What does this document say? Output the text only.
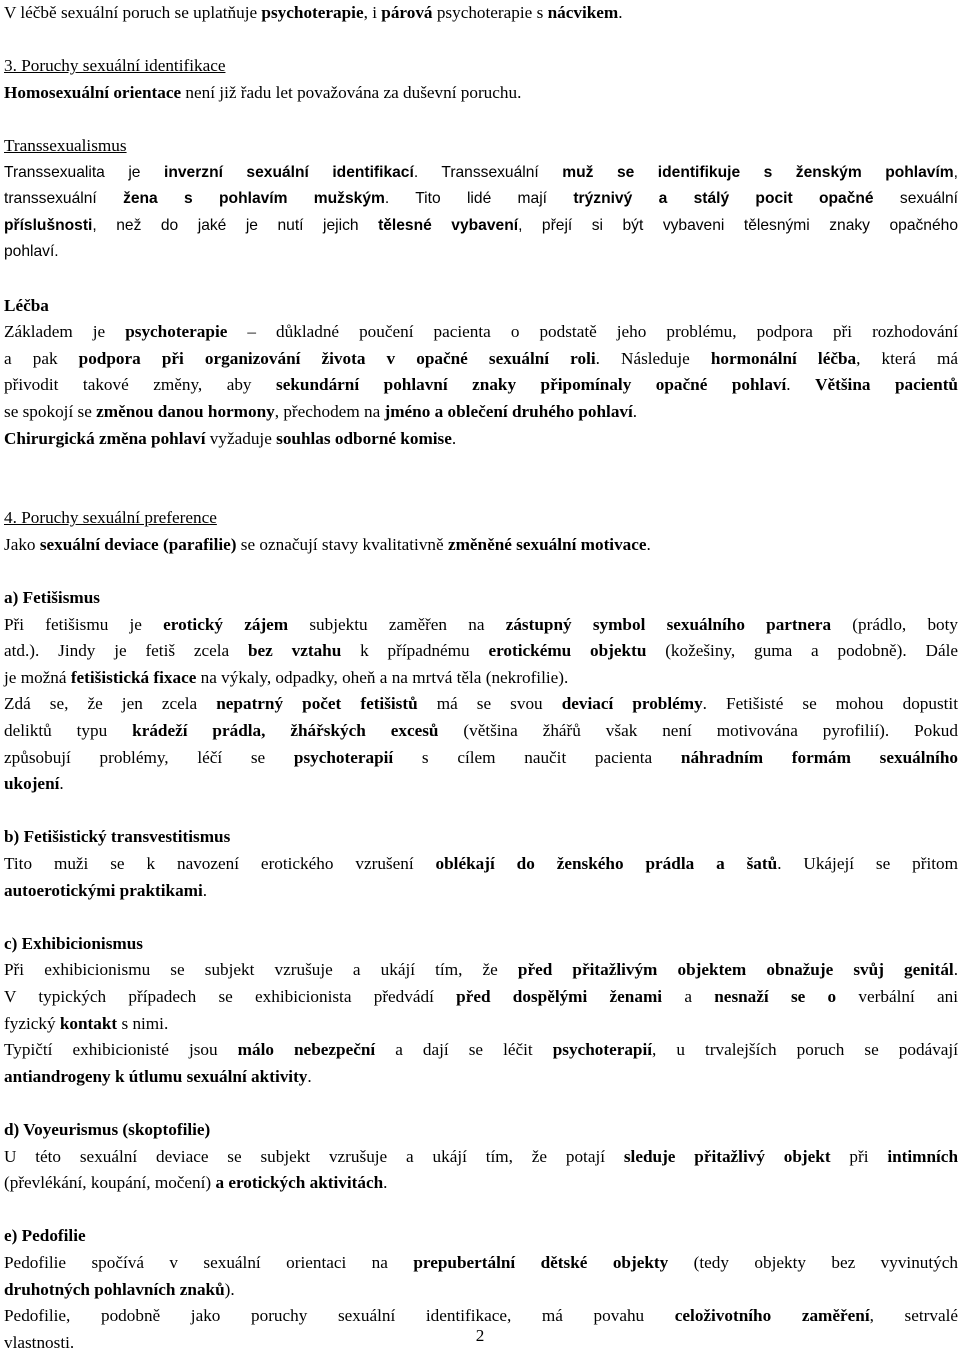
V léčbě sexuální poruch se uplatňuje psychoterapie, i párová psychoterapie s nácvikem.
3. Poruchy sexuální identifikace
Homosexuální orientace není již řadu let považována za duševní poruchu.
Transsexualismus
Transsexualita je inverzní sexuální identifikací. Transsexuální muž se identifikuje s ženským pohlavím,
transsexuální žena s pohlavím mužským. Tito lidé mají trýznivý a stálý pocit opačné sexuální
příslušnosti, než do jaké je nutí jejich tělesné vybavení, přejí si být vybaveni tělesnými znaky opačného
pohlaví.
Léčba
Základem je psychoterapie – důkladné poučení pacienta o podstatě jeho problému, podpora při rozhodování
a pak podpora při organizování života v opačné sexuální roli. Následuje hormonální léčba, která má
přivodit takové změny, aby sekundární pohlavní znaky připomínaly opačné pohlaví. Většina pacientů
se spokojí se změnou danou hormony, přechodem na jméno a oblečení druhého pohlaví.
Chirurgická změna pohlaví vyžaduje souhlas odborné komise.
4. Poruchy sexuální preference
Jako sexuální deviace (parafilie) se označují stavy kvalitativně změněné sexuální motivace.
a) Fetišismus
Při fetišismu je erotický zájem subjektu zaměřen na zástupný symbol sexuálního partnera (prádlo, boty
atd.). Jindy je fetiš zcela bez vztahu k případnému erotickému objektu (kožešiny, guma a podobně). Dále
je možná fetišistická fixace na výkaly, odpadky, oheň a na mrtvá těla (nekrofilie).
Zdá se, že jen zcela nepatrný počet fetišistů má se svou deviací problémy. Fetišisté se mohou dopustit
deliktů typu krádeží prádla, žhářských excesů (většina žhářů však není motivována pyrofilií). Pokud
způsobují problémy, léčí se psychoterapií s cílem naučit pacienta náhradním formám sexuálního
ukojení.
b) Fetišistický transvestitismus
Tito muži se k navození erotického vzrušení oblékají do ženského prádla a šatů. Ukájejí se přitom
autoerotickými praktikami.
c) Exhibicionismus
Při exhibicionismu se subjekt vzrušuje a ukájí tím, že před přitažlivým objektem obnažuje svůj genitál.
V typických případech se exhibicionista předvádí před dospělými ženami a nesnaží se o verbální ani
fyzický kontakt s nimi.
Typičtí exhibicionisté jsou málo nebezpeční a dají se léčit psychoterapií, u trvalejších poruch se podávají
antiandrogeny k útlumu sexuální aktivity.
d) Voyeurismus (skoptofilie)
U této sexuální deviace se subjekt vzrušuje a ukájí tím, že potají sleduje přitažlivý objekt při intimních
(převlékání, koupání, močení) a erotických aktivitách.
e) Pedofilie
Pedofilie spočívá v sexuální orientaci na prepubertální dětské objekty (tedy objekty bez vyvinutých
druhotných pohlavních znaků).
Pedofilie, podobně jako poruchy sexuální identifikace, má povahu celoživotního zaměření, setrvalé
vlastnosti.	2
